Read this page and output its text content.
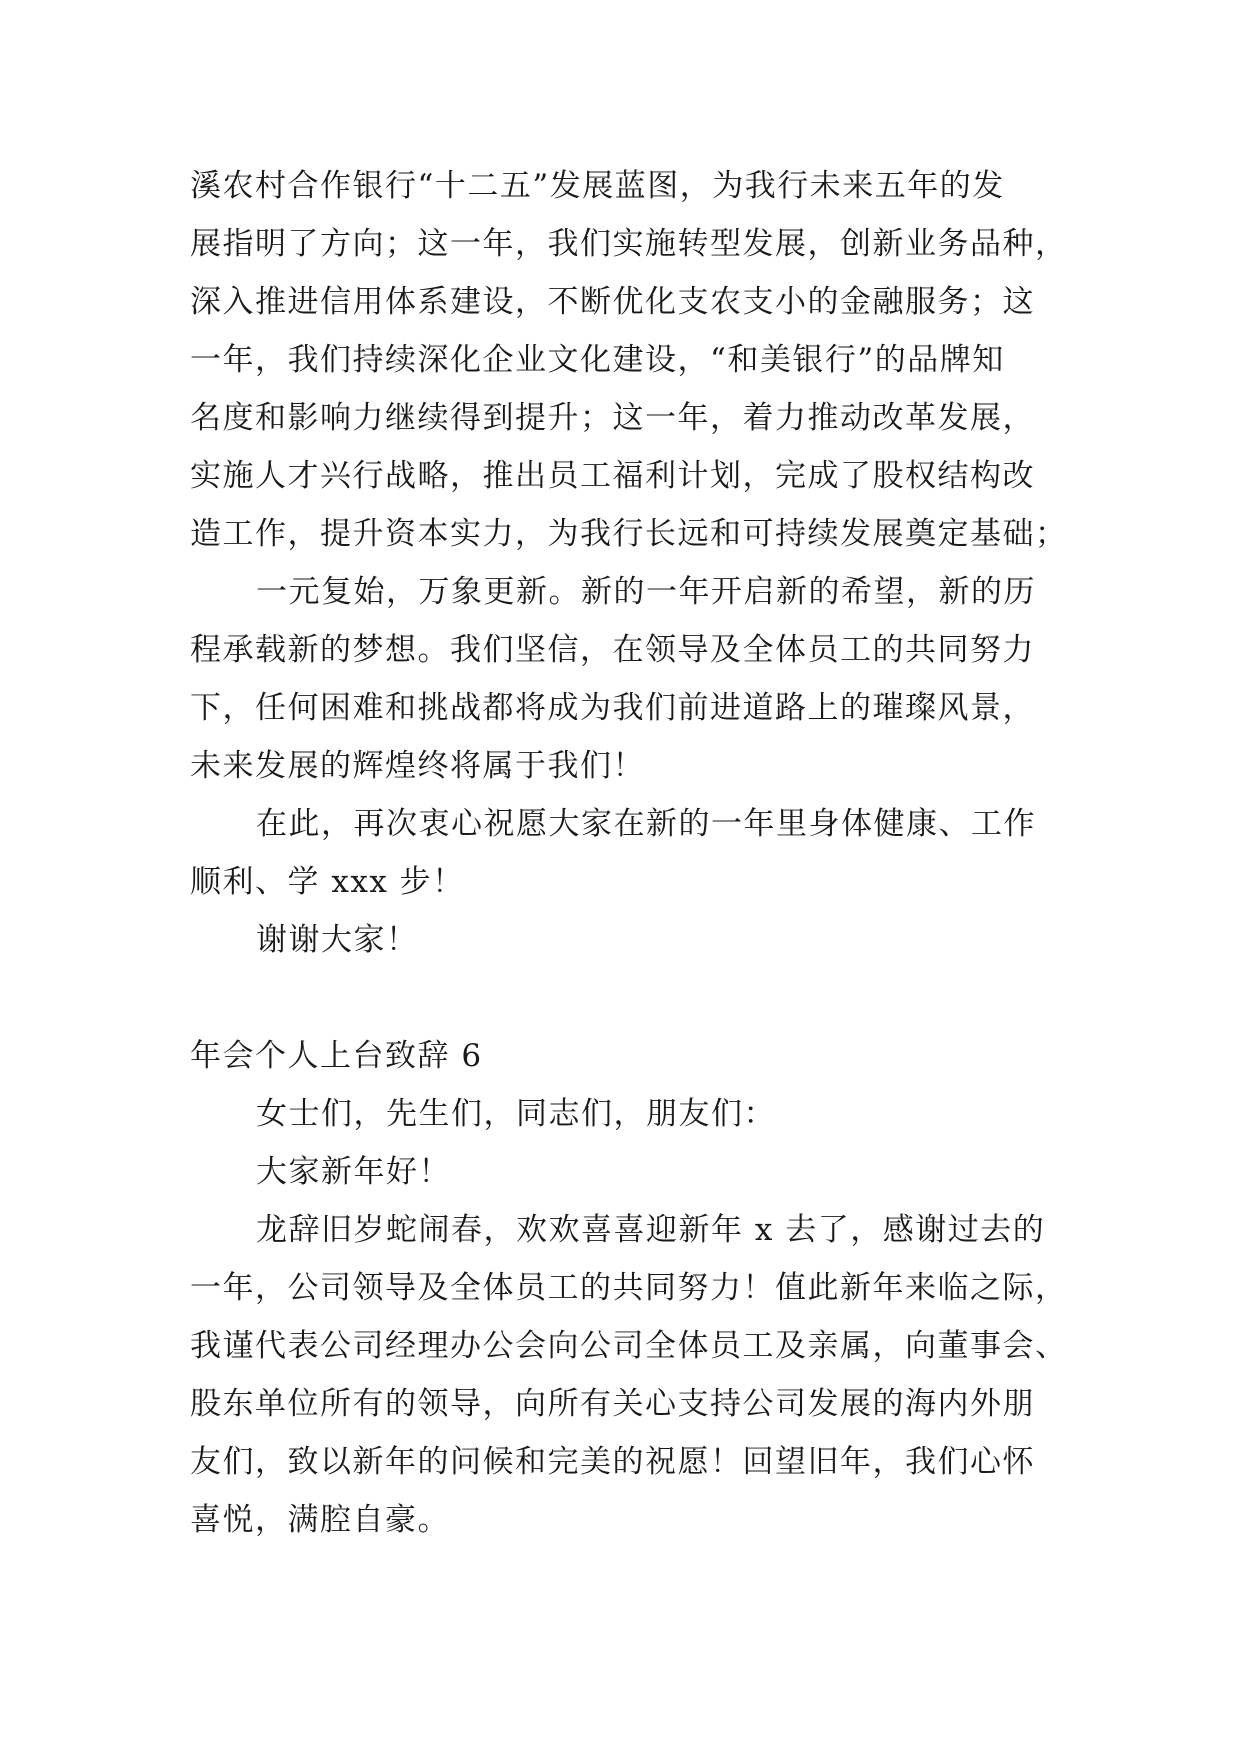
溪农村合作银行“十二五”发展蓝图，为我行未来五年的发
展指明了方向；这一年，我们实施转型发展，创新业务品种，
深入推进信用体系建设，不断优化支农支小的金融服务；这
一年，我们持续深化企业文化建设，“和美银行”的品牌知
名度和影响力继续得到提升；这一年，着力推动改革发展，
实施人才兴行战略，推出员工福利计划，完成了股权结构改
造工作，提升资本实力，为我行长远和可持续发展奠定基础；
一元复始，万象更新。新的一年开启新的希望，新的历
程承载新的梦想。我们坚信，在领导及全体员工的共同努力
下，任何困难和挑战都将成为我们前进道路上的璀璨风景，
未来发展的辉煌终将属于我们！
在此，再次衷心祝愿大家在新的一年里身体健康、工作
顺利、学 xxx 步！
谢谢大家！
年会个人上台致辞 6
女士们，先生们，同志们，朋友们：
大家新年好！
龙辞旧岁蛇闹春，欢欢喜喜迎新年 x 去了，感谢过去的
一年，公司领导及全体员工的共同努力！值此新年来临之际，
我谨代表公司经理办公会向公司全体员工及亲属，向董事会、
股东单位所有的领导，向所有关心支持公司发展的海内外朋
友们，致以新年的问候和完美的祝愿！回望旧年，我们心怀
喜悦，满腔自豪。
